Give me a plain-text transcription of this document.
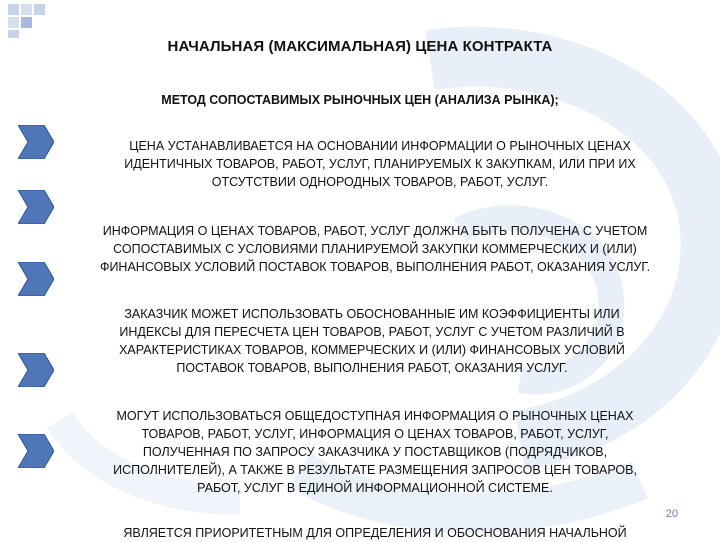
НАЧАЛЬНАЯ (МАКСИМАЛЬНАЯ) ЦЕНА КОНТРАКТА
МЕТОД СОПОСТАВИМЫХ РЫНОЧНЫХ ЦЕН (АНАЛИЗА РЫНКА);
ЦЕНА УСТАНАВЛИВАЕТСЯ НА ОСНОВАНИИ ИНФОРМАЦИИ О РЫНОЧНЫХ ЦЕНАХ
ИДЕНТИЧНЫХ ТОВАРОВ, РАБОТ, УСЛУГ, ПЛАНИРУЕМЫХ К ЗАКУПКАМ, ИЛИ ПРИ ИХ
ОТСУТСТВИИ ОДНОРОДНЫХ ТОВАРОВ, РАБОТ, УСЛУГ.
ИНФОРМАЦИЯ О ЦЕНАХ ТОВАРОВ, РАБОТ, УСЛУГ ДОЛЖНА БЫТЬ ПОЛУЧЕНА С УЧЕТОМ
СОПОСТАВИМЫХ С УСЛОВИЯМИ ПЛАНИРУЕМОЙ ЗАКУПКИ КОММЕРЧЕСКИХ И (ИЛИ)
ФИНАНСОВЫХ УСЛОВИЙ ПОСТАВОК ТОВАРОВ, ВЫПОЛНЕНИЯ РАБОТ, ОКАЗАНИЯ УСЛУГ.
ЗАКАЗЧИК МОЖЕТ ИСПОЛЬЗОВАТЬ ОБОСНОВАННЫЕ ИМ КОЭФФИЦИЕНТЫ ИЛИ
ИНДЕКСЫ ДЛЯ ПЕРЕСЧЕТА ЦЕН ТОВАРОВ, РАБОТ, УСЛУГ С УЧЕТОМ РАЗЛИЧИЙ В
ХАРАКТЕРИСТИКАХ ТОВАРОВ, КОММЕРЧЕСКИХ И (ИЛИ) ФИНАНСОВЫХ УСЛОВИЙ
ПОСТАВОК ТОВАРОВ, ВЫПОЛНЕНИЯ РАБОТ, ОКАЗАНИЯ УСЛУГ.
МОГУТ ИСПОЛЬЗОВАТЬСЯ ОБЩЕДОСТУПНАЯ ИНФОРМАЦИЯ О РЫНОЧНЫХ ЦЕНАХ
ТОВАРОВ, РАБОТ, УСЛУГ, ИНФОРМАЦИЯ О ЦЕНАХ ТОВАРОВ, РАБОТ, УСЛУГ,
ПОЛУЧЕННАЯ ПО ЗАПРОСУ ЗАКАЗЧИКА У ПОСТАВЩИКОВ (ПОДРЯДЧИКОВ,
ИСПОЛНИТЕЛЕЙ), А ТАКЖЕ В РЕЗУЛЬТАТЕ РАЗМЕЩЕНИЯ ЗАПРОСОВ ЦЕН ТОВАРОВ,
РАБОТ, УСЛУГ В ЕДИНОЙ ИНФОРМАЦИОННОЙ СИСТЕМЕ.
ЯВЛЯЕТСЯ ПРИОРИТЕТНЫМ ДЛЯ ОПРЕДЕЛЕНИЯ И ОБОСНОВАНИЯ НАЧАЛЬНОЙ
20
